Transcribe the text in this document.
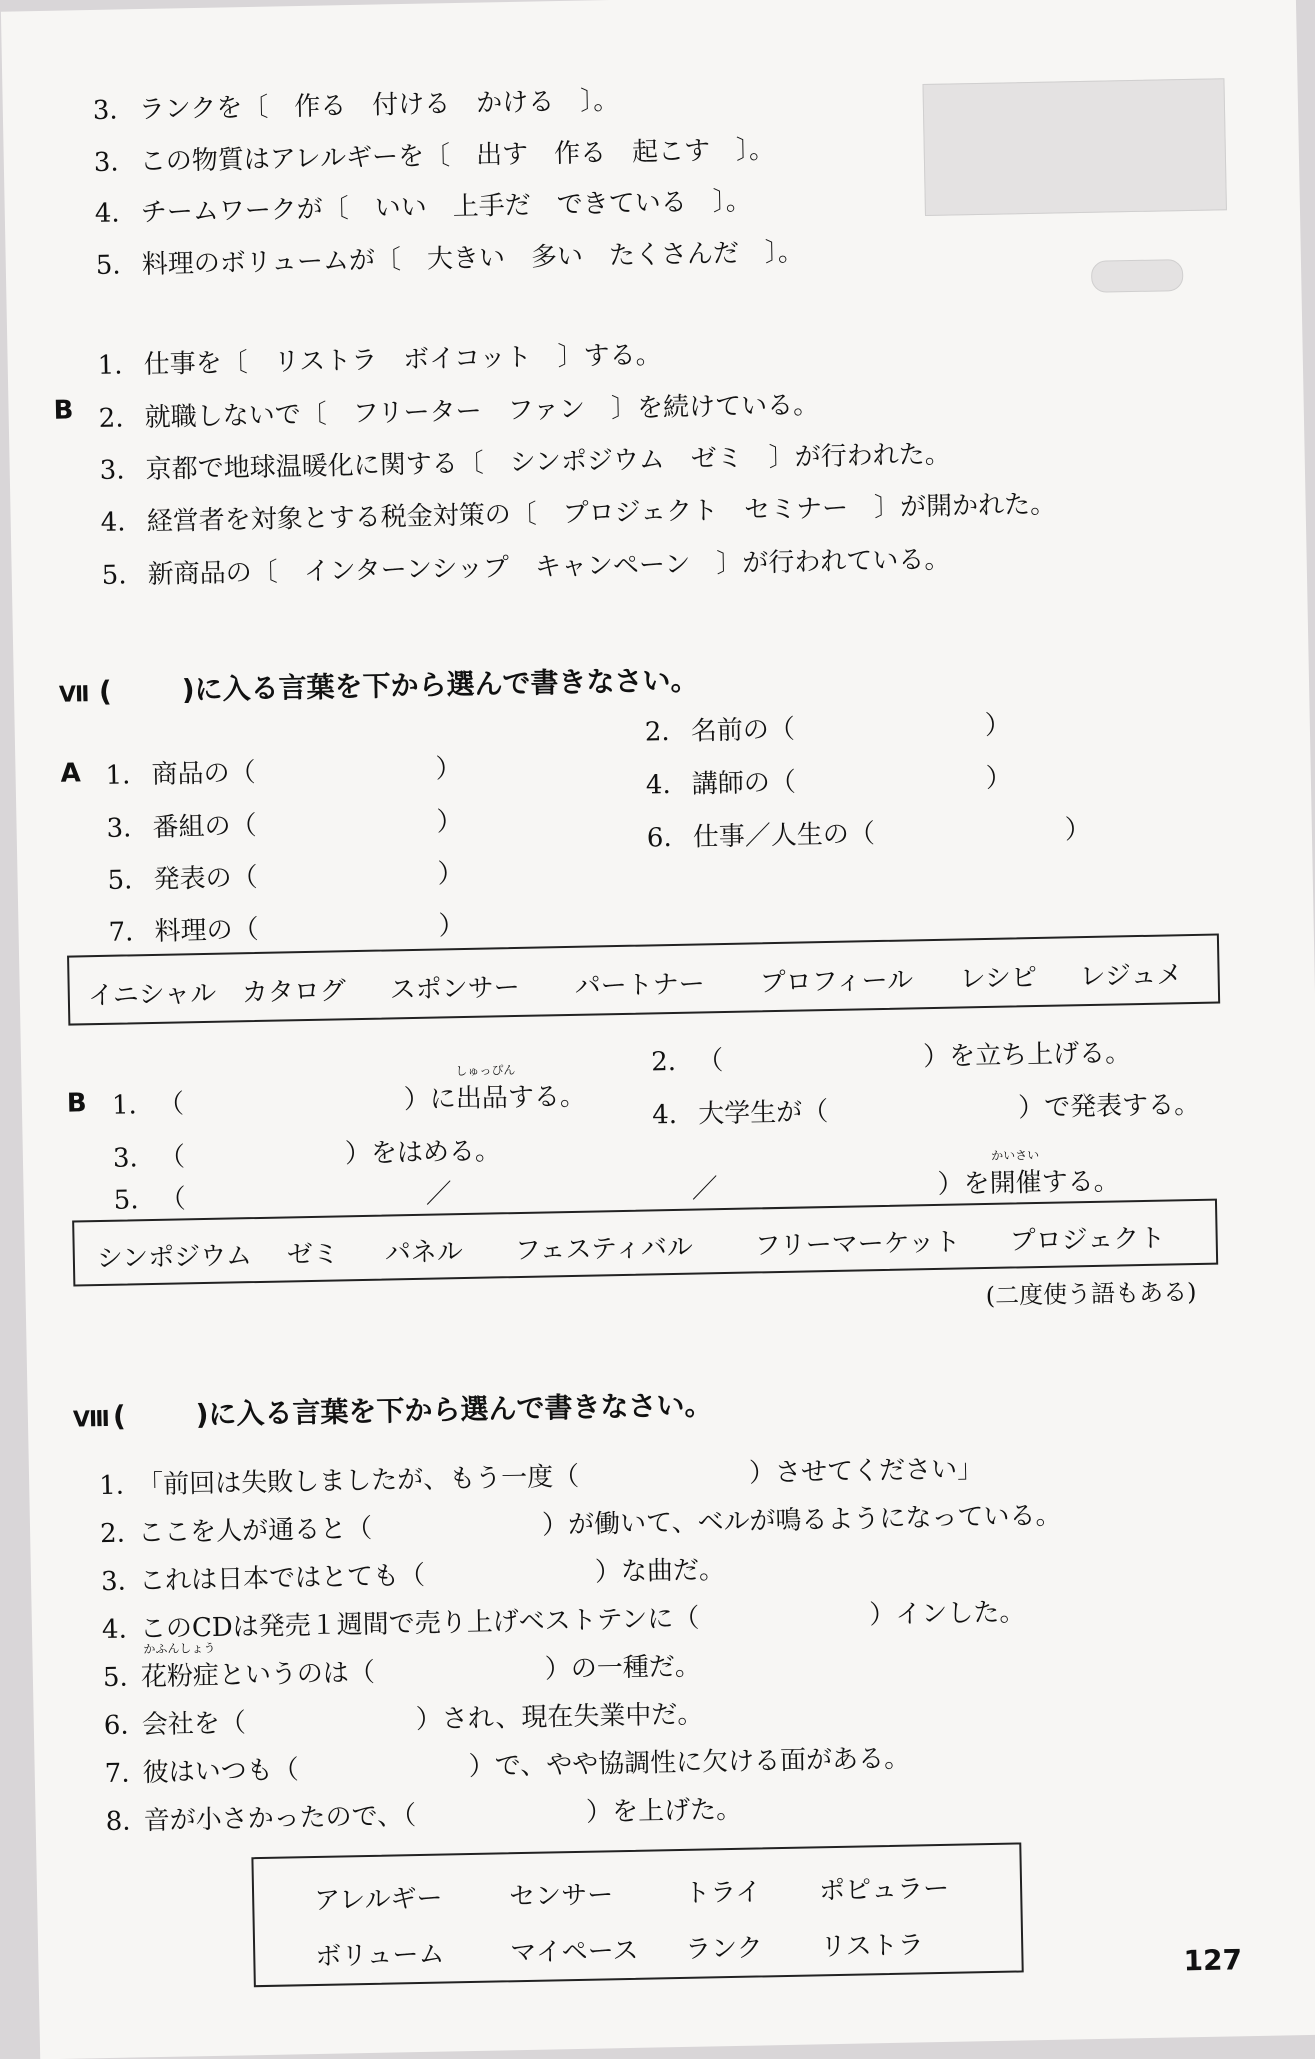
3. ランクを〔　作る　付ける　かける　〕。
3. この物質はアレルギーを〔　出す　作る　起こす　〕。
4. チームワークが〔　いい　上手だ　できている　〕。
5. 料理のボリュームが〔　大きい　多い　たくさんだ　〕。
B
1. 仕事を〔　リストラ　ボイコット　〕する。
2. 就職しないで〔　フリーター　ファン　〕を続けている。
3. 京都で地球温暖化に関する〔　シンポジウム　ゼミ　〕が行われた。
4. 経営者を対象とする税金対策の〔　プロジェクト　セミナー　〕が開かれた。
5. 新商品の〔　インターンシップ　キャンペーン　〕が行われている。
Ⅶ ( )に入る言葉を下から選んで書きなさい。
A 1. 商品の（	）
3. 番組の（	）
5. 発表の（	）
7. 料理の（	）
2. 名前の（	）
4. 講師の（	）
6. 仕事／人生の（	）
イニシャル カタログ スポンサー パートナー プロフィール レシピ レジュメ
B 1. （	）に出品
しゅっぴん
する。
2. （	）を立ち上げる。
3. （	）をはめる。
4. 大学生が（	）で発表する。
5. （	／	／	）を開催
かいさい
する。
シンポジウム ゼミ パネル フェスティバル フリーマーケット プロジェクト
(二度使う語もある)
Ⅷ( )に入る言葉を下から選んで書きなさい。
1. 「前回は失敗しましたが、もう一度（	）させてください」
2. ここを人が通ると（	）が働いて、ベルが鳴るようになっている。
3. これは日本ではとても（	）な曲だ。
4. このCDは発売１週間で売り上げベストテンに（	）インした。
5. 花粉症
かふんしょう
というのは（	）の一種だ。
6. 会社を（	）され、現在失業中だ。
7. 彼はいつも（	）で、やや協調性に欠ける面がある。
8. 音が小さかったので、（	）を上げた。
アレルギー	センサー	トライ ポピュラー
ボリューム	マイペース ランク リストラ	127
